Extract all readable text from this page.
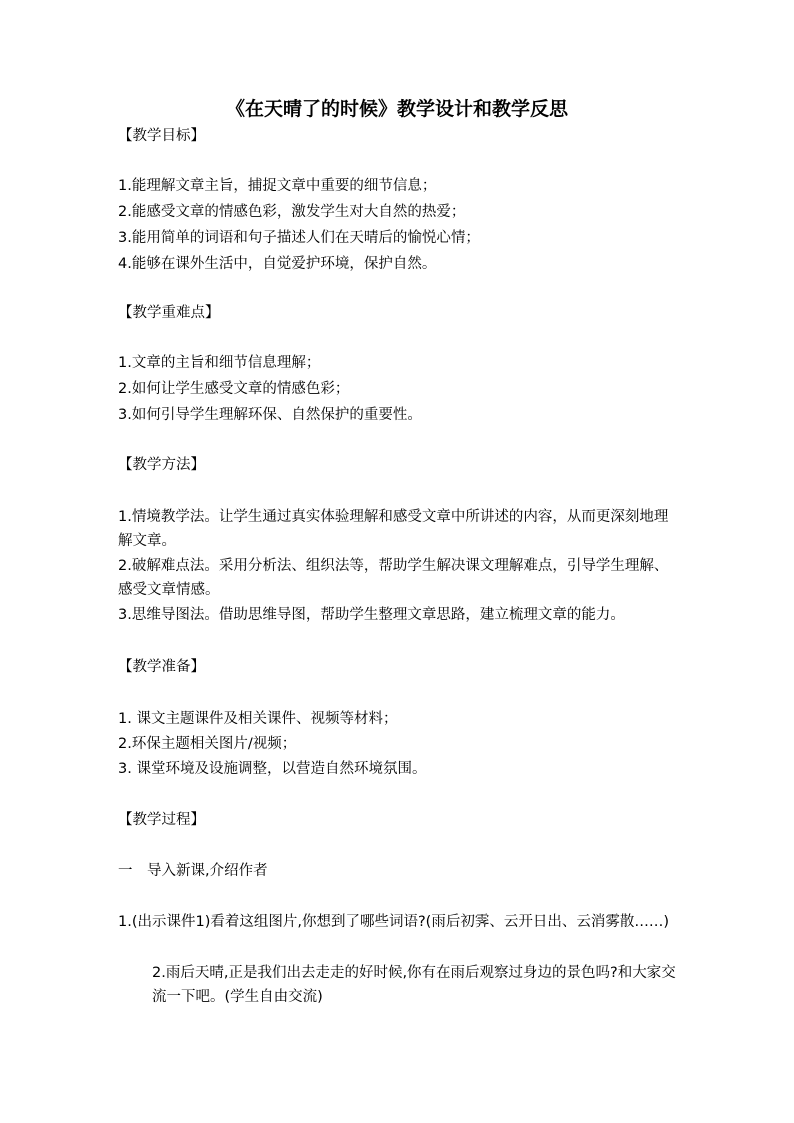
《在天晴了的时候》教学设计和教学反思
【教学目标】
1.能理解文章主旨，捕捉文章中重要的细节信息；
2.能感受文章的情感色彩，激发学生对大自然的热爱；
3.能用简单的词语和句子描述人们在天晴后的愉悦心情；
4.能够在课外生活中，自觉爱护环境，保护自然。
【教学重难点】
1.文章的主旨和细节信息理解；
2.如何让学生感受文章的情感色彩；
3.如何引导学生理解环保、自然保护的重要性。
【教学方法】
1.情境教学法。让学生通过真实体验理解和感受文章中所讲述的内容，从而更深刻地理解文章。
2.破解难点法。采用分析法、组织法等，帮助学生解决课文理解难点，引导学生理解、感受文章情感。
3.思维导图法。借助思维导图，帮助学生整理文章思路，建立梳理文章的能力。
【教学准备】
1. 课文主题课件及相关课件、视频等材料；
2.环保主题相关图片/视频；
3. 课堂环境及设施调整，以营造自然环境氛围。
【教学过程】
一　导入新课,介绍作者
1.(出示课件1)看着这组图片,你想到了哪些词语?(雨后初霁、云开日出、云消雾散……)
2.雨后天晴,正是我们出去走走的好时候,你有在雨后观察过身边的景色吗?和大家交流一下吧。(学生自由交流)
